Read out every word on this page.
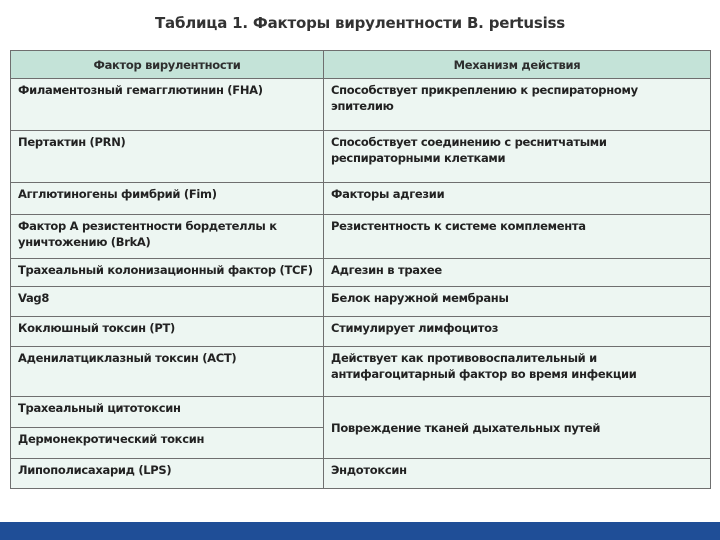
Таблица 1. Факторы вирулентности B. pertusiss
Фактор вирулентности	Механизм действия
Филаментозный гемагглютинин (FHA)	Способствует прикреплению к респираторному эпителию
Пертактин (PRN)	Способствует соединению с реснитчатыми респираторными клетками
Агглютиногены фимбрий (Fim)	Факторы адгезии
Фактор А резистентности бордетеллы к уничтожению (BrkA)	Резистентность к системе комплемента
Трахеальный колонизационный фактор (TCF)	Адгезин в трахее
Vag8	Белок наружной мембраны
Коклюшный токсин (PT)	Стимулирует лимфоцитоз
Аденилатциклазный токсин (ACT)	Действует как противовоспалительный и антифагоцитарный фактор во время инфекции
Трахеальный цитотоксин	Повреждение тканей дыхательных путей
Дермонекротический токсин	
Липополисахарид (LPS)	Эндотоксин
